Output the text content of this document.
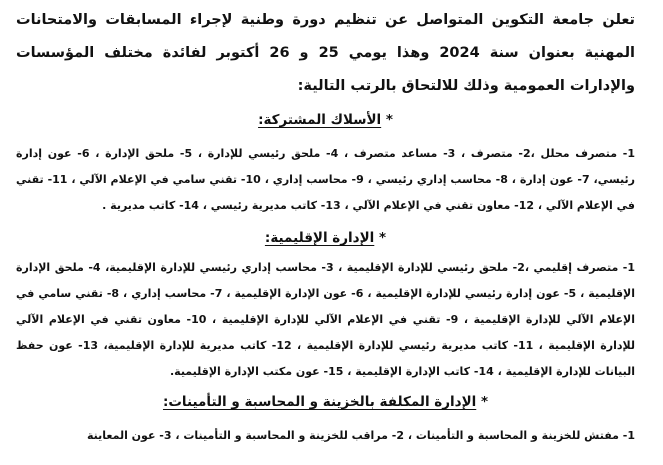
تعلن جامعة التكوين المتواصل عن تنظيم دورة وطنية لإجراء المسابقات والامتحانات المهنية بعنوان سنة 2024 وهذا يومي 25 و 26 أكتوبر لفائدة مختلف المؤسسات والإدارات العمومية وذلك للالتحاق بالرتب التالية:

* الأسلاك المشتركة:

1- متصرف محلل ،2- متصرف ، 3- مساعد متصرف ، 4- ملحق رئيسي للإدارة ، 5- ملحق الإدارة ، 6- عون إدارة رئيسي، 7- عون إدارة ، 8- محاسب إداري رئيسي ، 9- محاسب إداري ، 10- تقني سامي في الإعلام الآلي ، 11- تقني في الإعلام الآلي ، 12- معاون تقني في الإعلام الآلي ، 13- كاتب مديرية رئيسي ، 14- كاتب مديرية .

* الإدارة الإقليمية:

1- متصرف إقليمي ،2- ملحق رئيسي للإدارة الإقليمية ، 3- محاسب إداري رئيسي للإدارة الإقليمية، 4- ملحق الإدارة الإقليمية ، 5- عون إدارة رئيسي للإدارة الإقليمية ، 6- عون الإدارة الإقليمية ، 7- محاسب إداري ، 8- تقني سامي في الإعلام الآلي للإدارة الإقليمية ، 9- تقني في الإعلام الآلي للإدارة الإقليمية ، 10- معاون تقني في الإعلام الآلي للإدارة الإقليمية ، 11- كاتب مديرية رئيسي للإدارة الإقليمية ، 12- كاتب مديرية للإدارة الإقليمية، 13- عون حفظ البيانات للإدارة الإقليمية ، 14- كاتب الإدارة الإقليمية ، 15- عون مكتب الإدارة الإقليمية.

* الإدارة المكلفة بالخزينة و المحاسبة و التأمينات:

1- مفتش للخزينة و المحاسبة و التأمينات ، 2- مراقب للخزينة و المحاسبة و التأمينات ، 3- عون المعاينة
